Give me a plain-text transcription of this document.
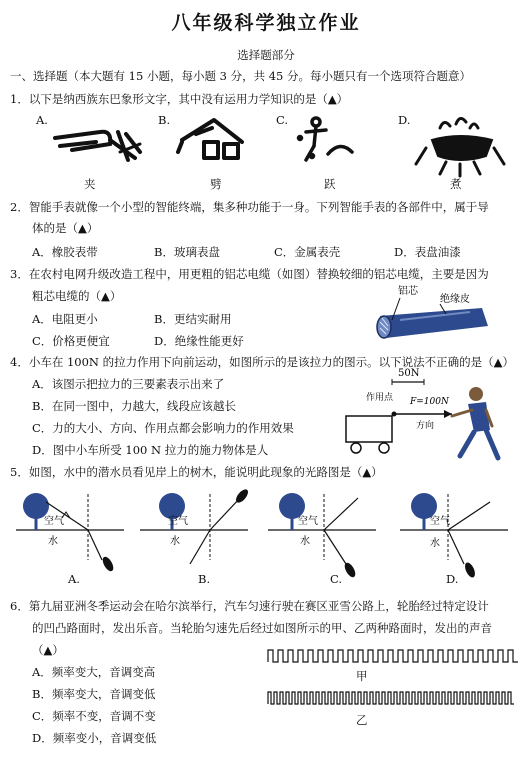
八年级科学独立作业
选择题部分
一、选择题（本大题有 15 小题，每小题 3 分，共 45 分。每小题只有一个选项符合题意）
1．以下是纳西族东巴象形文字，其中没有运用力学知识的是（▲）
A.	B.	C.	D.
夹	劈	跃	煮
2．智能手表就像一个小型的智能终端，集多种功能于一身。下列智能手表的各部件中，属于导
体的是（▲）
A．橡胶表带	B．玻璃表盘	C．金属表壳	D．表盘油漆
3．在农村电网升级改造工程中，用更粗的铝芯电缆（如图）替换较细的铝芯电缆，主要是因为
粗芯电缆的（▲）
A．电阻更小	B．更结实耐用
C．价格更便宜	D．绝缘性能更好
铝芯
绝缘皮
4．小车在 100N 的拉力作用下向前运动，如图所示的是该拉力的图示。以下说法不正确的是（▲）
A．该图示把拉力的三要素表示出来了
B．在同一图中，力越大，线段应该越长
C．力的大小、方向、作用点都会影响力的作用效果
D．图中小车所受 100 N 拉力的施力物体是人
50N
作用点 F=100N
方向
5．如图，水中的潜水员看见岸上的树木，能说明此现象的光路图是（▲）
空气
水
空气
水
空气
水
空气
水
A.	B.	C.	D.
6．第九届亚洲冬季运动会在哈尔滨举行，汽车匀速行驶在赛区亚雪公路上，轮胎经过特定设计
的凹凸路面时，发出乐音。当轮胎匀速先后经过如图所示的甲、乙两种路面时，发出的声音
（▲）
A．频率变大，音调变高
B．频率变大，音调变低
C．频率不变，音调不变
D．频率变小，音调变低
甲
乙
